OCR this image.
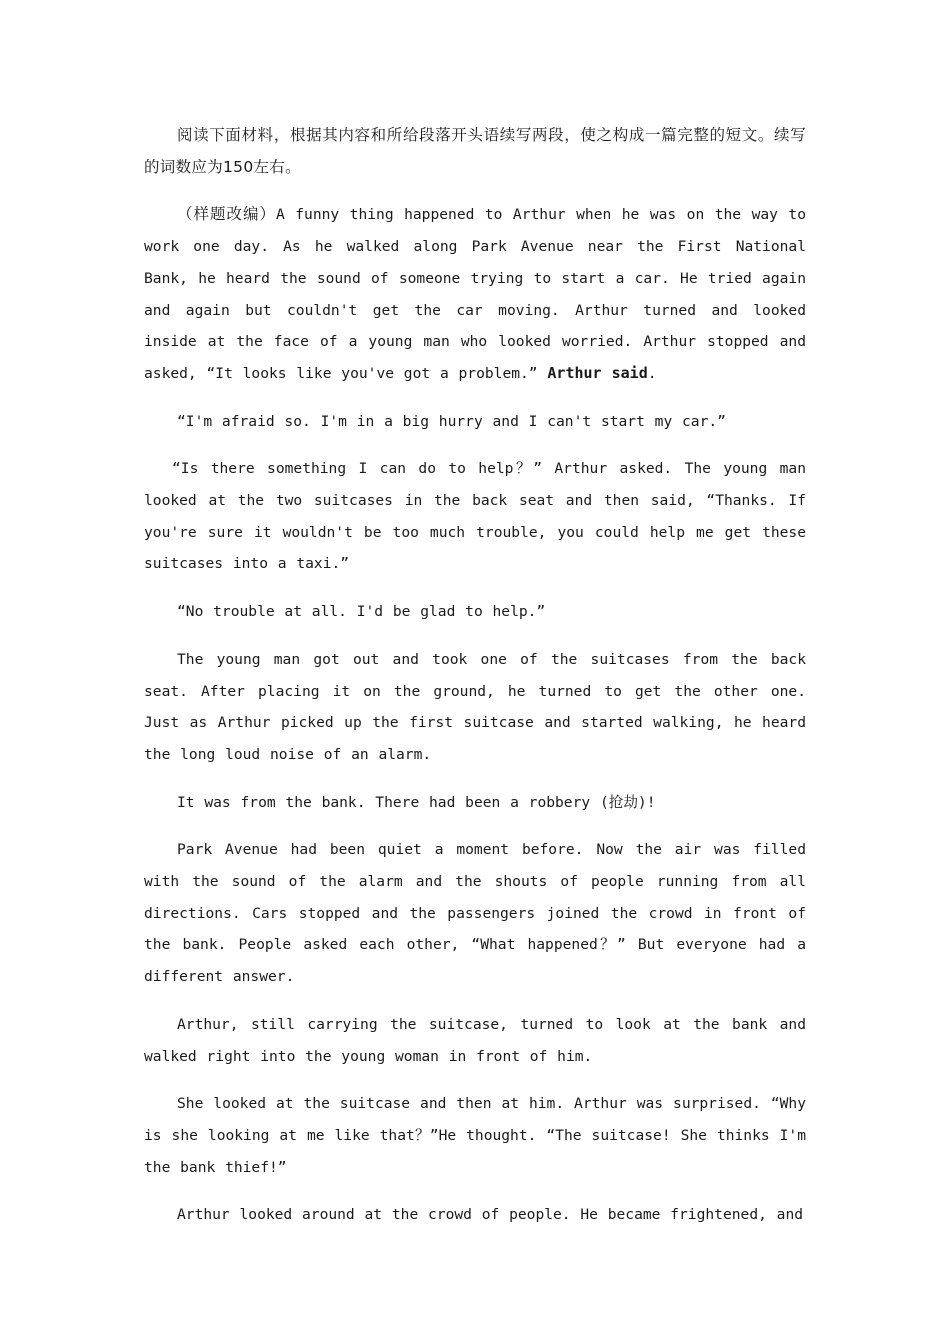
阅读下面材料，根据其内容和所给段落开头语续写两段，使之构成一篇完整的短文。续写的词数应为150左右。

（样题改编）A funny thing happened to Arthur when he was on the way to work one day. As he walked along Park Avenue near the First National Bank, he heard the sound of someone trying to start a car. He tried again and again but couldn't get the car moving. Arthur turned and looked inside at the face of a young man who looked worried. Arthur stopped and asked, “It looks like you've got a problem.” Arthur said.

“I'm afraid so. I'm in a big hurry and I can't start my car.”

“Is there something I can do to help？” Arthur asked. The young man looked at the two suitcases in the back seat and then said, “Thanks. If you're sure it wouldn't be too much trouble, you could help me get these suitcases into a taxi.”

“No trouble at all. I'd be glad to help.”

The young man got out and took one of the suitcases from the back seat. After placing it on the ground, he turned to get the other one. Just as Arthur picked up the first suitcase and started walking, he heard the long loud noise of an alarm.

It was from the bank. There had been a robbery (抢劫)!

Park Avenue had been quiet a moment before. Now the air was filled with the sound of the alarm and the shouts of people running from all directions. Cars stopped and the passengers joined the crowd in front of the bank. People asked each other, “What happened？” But everyone had a different answer.

Arthur, still carrying the suitcase, turned to look at the bank and walked right into the young woman in front of him.

She looked at the suitcase and then at him. Arthur was surprised. “Why is she looking at me like that？”He thought. “The suitcase! She thinks I'm the bank thief!”

Arthur looked around at the crowd of people. He became frightened, and
